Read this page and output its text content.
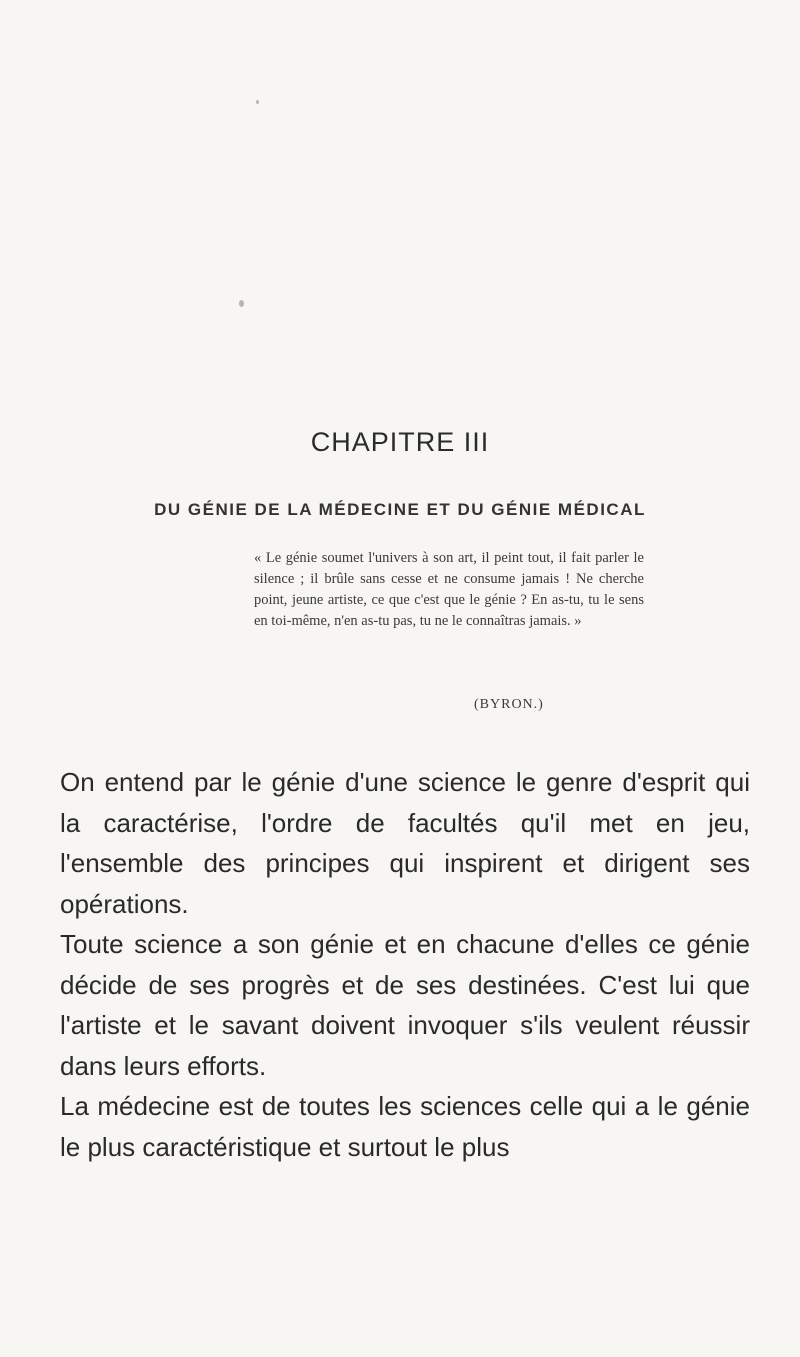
CHAPITRE III
DU GÉNIE DE LA MÉDECINE ET DU GÉNIE MÉDICAL
« Le génie soumet l'univers à son art, il peint tout, il fait parler le silence ; il brûle sans cesse et ne consume jamais ! Ne cherche point, jeune artiste, ce que c'est que le génie ? En as-tu, tu le sens en toi-même, n'en as-tu pas, tu ne le connaîtras jamais. »
(BYRON.)

On entend par le génie d'une science le genre d'esprit qui la caractérise, l'ordre de facultés qu'il met en jeu, l'ensemble des principes qui inspirent et dirigent ses opérations.

Toute science a son génie et en chacune d'elles ce génie décide de ses progrès et de ses destinées. C'est lui que l'artiste et le savant doivent invoquer s'ils veulent réussir dans leurs efforts.

La médecine est de toutes les sciences celle qui a le génie le plus caractéristique et surtout le plus
